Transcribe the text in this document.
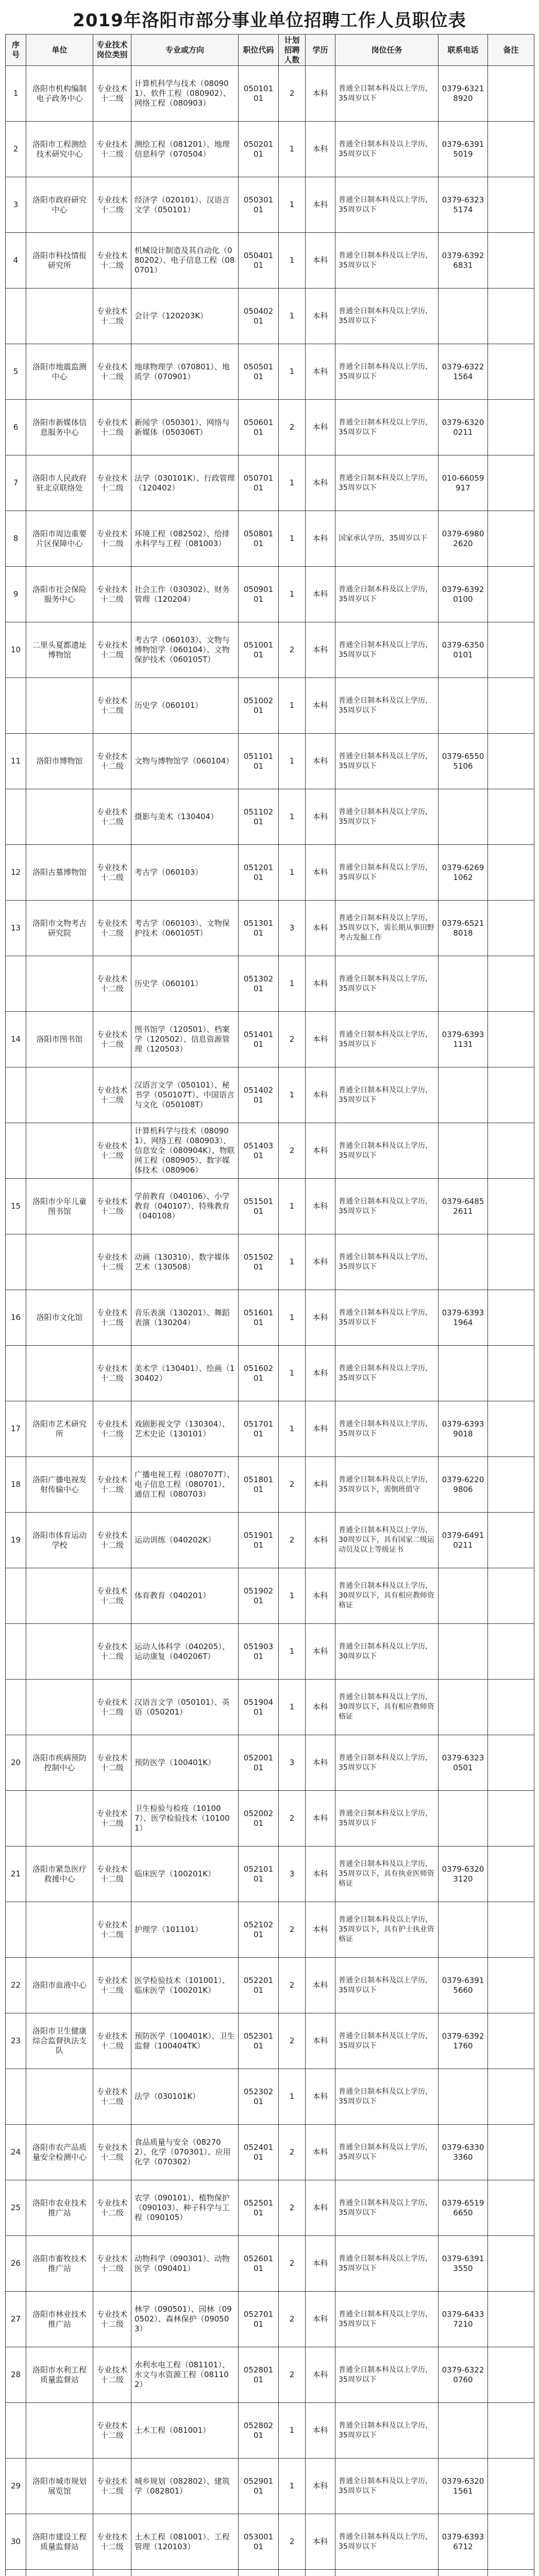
2019年洛阳市部分事业单位招聘工作人员职位表
序号	单位	专业技术岗位类别	专业或方向	职位代码	计划招聘人数	学历	岗位任务	联系电话	备注
1	洛阳市机构编制电子政务中心	专业技术十二级	计算机科学与技术（080901）、软件工程（080902）、网络工程（080903）	05010101	2	本科	普通全日制本科及以上学历，35周岁以下	0379-63218920	
2	洛阳市工程测绘技术研究中心	专业技术十二级	测绘工程（081201）、地理信息科学（070504）	05020101	1	本科	普通全日制本科及以上学历，35周岁以下	0379-63915019	
3	洛阳市政府研究中心	专业技术十二级	经济学（020101）、汉语言文学（050101）	05030101	1	本科	普通全日制本科及以上学历，35周岁以下	0379-63235174	
4	洛阳市科技情报研究所	专业技术十二级	机械设计制造及其自动化（080202）、电子信息工程（080701）	05040101	1	本科	普通全日制本科及以上学历，35周岁以下	0379-63926831	
		专业技术十二级	会计学（120203K）	05040201	1	本科	普通全日制本科及以上学历，35周岁以下		
5	洛阳市地震监测中心	专业技术十二级	地球物理学（070801）、地质学（070901）	05050101	1	本科	普通全日制本科及以上学历，35周岁以下	0379-63221564	
6	洛阳市新媒体信息服务中心	专业技术十二级	新闻学（050301）、网络与新媒体（050306T）	05060101	2	本科	普通全日制本科及以上学历，35周岁以下	0379-63200211	
7	洛阳市人民政府驻北京联络处	专业技术十二级	法学（030101K）、行政管理（120402）	05070101	1	本科	普通全日制本科及以上学历，35周岁以下	010-66059917	
8	洛阳市周边重要片区保障中心	专业技术十二级	环境工程（082502）、给排水科学与工程（081003）	05080101	1	本科	国家承认学历，35周岁以下	0379-69802620	
9	洛阳市社会保险服务中心	专业技术十二级	社会工作（030302）、财务管理（120204）	05090101	1	本科	普通全日制本科及以上学历，35周岁以下	0379-63920100	
10	二里头夏都遗址博物馆	专业技术十二级	考古学（060103）、文物与博物馆学（060104）、文物保护技术（060105T）	05100101	2	本科	普通全日制本科及以上学历，35周岁以下	0379-63500101	
		专业技术十二级	历史学（060101）	05100201	1	本科	普通全日制本科及以上学历，35周岁以下		
11	洛阳市博物馆	专业技术十二级	文物与博物馆学（060104）	05110101	1	本科	普通全日制本科及以上学历，35周岁以下	0379-65505106	
		专业技术十二级	摄影与美术（130404）	05110201	1	本科	普通全日制本科及以上学历，35周岁以下		
12	洛阳古墓博物馆	专业技术十二级	考古学（060103）	05120101	1	本科	普通全日制本科及以上学历，35周岁以下	0379-62691062	
13	洛阳市文物考古研究院	专业技术十二级	考古学（060103）、文物保护技术（060105T）	05130101	3	本科	普通全日制本科及以上学历，35周岁以下，需长期从事田野考古发掘工作	0379-65218018	
		专业技术十二级	历史学（060101）	05130201	1	本科	普通全日制本科及以上学历，35周岁以下		
14	洛阳市图书馆	专业技术十二级	图书馆学（120501）、档案学（120502）、信息资源管理（120503）	05140101	2	本科	普通全日制本科及以上学历，35周岁以下	0379-63931131	
		专业技术十二级	汉语言文学（050101）、秘书学（050107T）、中国语言与文化（050108T）	05140201	1	本科	普通全日制本科及以上学历，35周岁以下		
		专业技术十二级	计算机科学与技术（080901）、网络工程（080903）、信息安全（080904K）、物联网工程（080905）、数字媒体技术（080906）	05140301	2	本科	普通全日制本科及以上学历，35周岁以下		
15	洛阳市少年儿童图书馆	专业技术十二级	学前教育（040106）、小学教育（040107）、特殊教育（040108）	05150101	1	本科	普通全日制本科及以上学历，35周岁以下	0379-64852611	
		专业技术十二级	动画（130310）、数字媒体艺术（130508）	05150201	1	本科	普通全日制本科及以上学历，35周岁以下		
16	洛阳市文化馆	专业技术十二级	音乐表演（130201）、舞蹈表演（130204）	05160101	1	本科	普通全日制本科及以上学历，35周岁以下	0379-63931964	
		专业技术十二级	美术学（130401）、绘画（130402）	05160201	1	本科	普通全日制本科及以上学历，35周岁以下		
17	洛阳市艺术研究所	专业技术十二级	戏剧影视文学（130304）、艺术史论（130101）	05170101	1	本科	普通全日制本科及以上学历，35周岁以下	0379-63939018	
18	洛阳广播电视发射传输中心	专业技术十二级	广播电视工程（080707T）、电子信息工程（080701）、通信工程（080703）	05180101	2	本科	普通全日制本科及以上学历，35周岁以下，需倒班值守	0379-62209806	
19	洛阳市体育运动学校	专业技术十二级	运动训练（040202K）	05190101	2	本科	普通全日制本科及以上学历，30周岁以下，具有国家二级运动员及以上等级证书	0379-64910211	
		专业技术十二级	体育教育（040201）	05190201	1	本科	普通全日制本科及以上学历，30周岁以下，具有相应教师资格证		
		专业技术十二级	运动人体科学（040205）、运动康复（040206T）	05190301	1	本科	普通全日制本科及以上学历，30周岁以下		
		专业技术十二级	汉语言文学（050101）、英语（050201）	05190401	1	本科	普通全日制本科及以上学历，30周岁以下，具有相应教师资格证		
20	洛阳市疾病预防控制中心	专业技术十二级	预防医学（100401K）	05200101	3	本科	普通全日制本科及以上学历，35周岁以下	0379-63230501	
		专业技术十二级	卫生检验与检疫（101007）、医学检验技术（101001）	05200201	2	本科	普通全日制本科及以上学历，35周岁以下		
21	洛阳市紧急医疗救援中心	专业技术十二级	临床医学（100201K）	05210101	3	本科	普通全日制本科及以上学历，35周岁以下，具有执业医师资格证	0379-63203120	
		专业技术十二级	护理学（101101）	05210201	2	本科	普通全日制本科及以上学历，35周岁以下，具有护士执业资格证		
22	洛阳市血液中心	专业技术十二级	医学检验技术（101001）、临床医学（100201K）	05220101	2	本科	普通全日制本科及以上学历，35周岁以下	0379-63915660	
23	洛阳市卫生健康综合监督执法支队	专业技术十二级	预防医学（100401K）、卫生监督（100404TK）	05230101	2	本科	普通全日制本科及以上学历，35周岁以下	0379-63921760	
		专业技术十二级	法学（030101K）	05230201	1	本科	普通全日制本科及以上学历，35周岁以下		
24	洛阳市农产品质量安全检测中心	专业技术十二级	食品质量与安全（082702）、化学（070301）、应用化学（070302）	05240101	2	本科	普通全日制本科及以上学历，35周岁以下	0379-63303360	
25	洛阳市农业技术推广站	专业技术十二级	农学（090101）、植物保护（090103）、种子科学与工程（090105）	05250101	2	本科	普通全日制本科及以上学历，35周岁以下	0379-65196650	
26	洛阳市畜牧技术推广站	专业技术十二级	动物科学（090301）、动物医学（090401）	05260101	2	本科	普通全日制本科及以上学历，35周岁以下	0379-63913550	
27	洛阳市林业技术推广站	专业技术十二级	林学（090501）、园林（090502）、森林保护（090503）	05270101	2	本科	普通全日制本科及以上学历，35周岁以下	0379-64337210	
28	洛阳市水利工程质量监督站	专业技术十二级	水利水电工程（081101）、水文与水资源工程（081102）	05280101	2	本科	普通全日制本科及以上学历，35周岁以下	0379-63220760	
		专业技术十二级	土木工程（081001）	05280201	1	本科	普通全日制本科及以上学历，35周岁以下		
29	洛阳市城市规划展览馆	专业技术十二级	城乡规划（082802）、建筑学（082801）	05290101	1	本科	普通全日制本科及以上学历，35周岁以下	0379-63201561	
30	洛阳市建设工程质量监督站	专业技术十二级	土木工程（081001）、工程管理（120103）	05300101	2	本科	普通全日制本科及以上学历，35周岁以下	0379-63936712	
